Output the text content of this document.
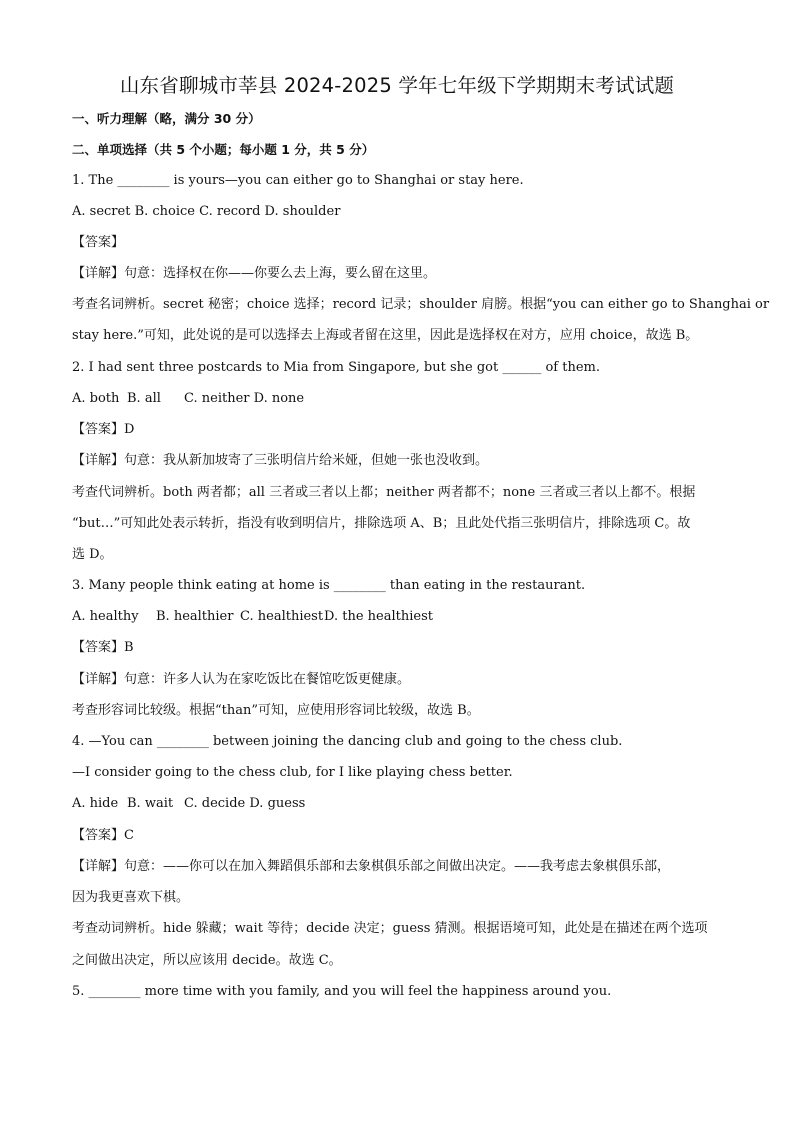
山东省聊城市莘县 2024-2025 学年七年级下学期期末考试试题
一、听力理解（略，满分 30 分）
二、单项选择（共 5 个小题；每小题 1 分，共 5 分）
1. The ________ is yours—you can either go to Shanghai or stay here.
A. secret B. choice C. record D. shoulder
【答案】
【详解】句意：选择权在你——你要么去上海，要么留在这里。
考查名词辨析。secret 秘密；choice 选择；record 记录；shoulder 肩膀。根据“you can either go to Shanghai or
stay here.”可知，此处说的是可以选择去上海或者留在这里，因此是选择权在对方，应用 choice，故选 B。
2. I had sent three postcards to Mia from Singapore, but she got ______ of them.
A. both B. all C. neither D. none
【答案】D
【详解】句意：我从新加坡寄了三张明信片给米娅，但她一张也没收到。
考查代词辨析。both 两者都；all 三者或三者以上都；neither 两者都不；none 三者或三者以上都不。根据
“but…”可知此处表示转折，指没有收到明信片，排除选项 A、B；且此处代指三张明信片，排除选项 C。故
选 D。
3. Many people think eating at home is ________ than eating in the restaurant.
A. healthy B. healthier C. healthiestD. the healthiest
【答案】B
【详解】句意：许多人认为在家吃饭比在餐馆吃饭更健康。
考查形容词比较级。根据“than”可知，应使用形容词比较级，故选 B。
4. —You can ________ between joining the dancing club and going to the chess club.
—I consider going to the chess club, for I like playing chess better.
A. hide B. wait C. decide D. guess
【答案】C
【详解】句意：——你可以在加入舞蹈俱乐部和去象棋俱乐部之间做出决定。——我考虑去象棋俱乐部，
因为我更喜欢下棋。
考查动词辨析。hide 躲藏；wait 等待；decide 决定；guess 猜测。根据语境可知，此处是在描述在两个选项
之间做出决定，所以应该用 decide。故选 C。
5. ________ more time with you family, and you will feel the happiness around you.
